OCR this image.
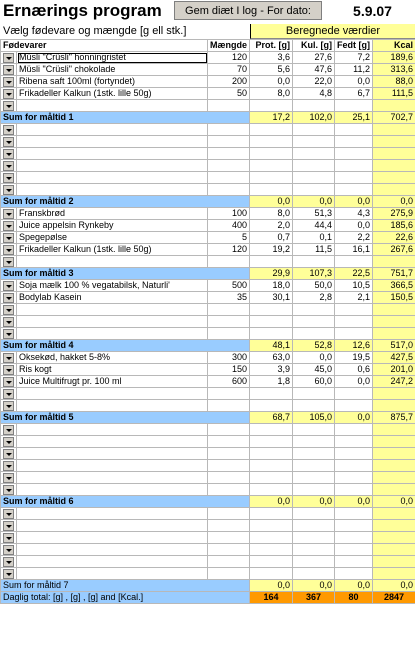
Ernærings program	Gem diæt I log - For dato:	5.9.07
Vælg fødevare og mængde [g ell stk.]	Beregnede værdier
Fødevarer		Mængde	Prot. [g]	Kul. [g]	Fedt [g]	Kcal
	Müsli "Crüsli" honningristet	120	3,6	27,6	7,2	189,6
	Müsli "Crüsli" chokolade	70	5,6	47,6	11,2	313,6
	Ribena saft 100ml (fortyndet)	200	0,0	22,0	0,0	88,0
	Frikadeller Kalkun (1stk. lille 50g)	50	8,0	4,8	6,7	111,5

Sum for måltid 1			17,2	102,0	25,1	702,7

Sum for måltid 2			0,0	0,0	0,0	0,0
	Franskbrød	100	8,0	51,3	4,3	275,9
	Juice appelsin Rynkeby	400	2,0	44,4	0,0	185,6
	Spegepølse	5	0,7	0,1	2,2	22,6
	Frikadeller Kalkun (1stk. lille 50g)	120	19,2	11,5	16,1	267,6

Sum for måltid 3			29,9	107,3	22,5	751,7
	Soja mælk 100 % vegatabilsk, Naturli'	500	18,0	50,0	10,5	366,5
	Bodylab Kasein	35	30,1	2,8	2,1	150,5

Sum for måltid 4			48,1	52,8	12,6	517,0
	Oksekød, hakket 5-8%	300	63,0	0,0	19,5	427,5
	Ris kogt	150	3,9	45,0	0,6	201,0
	Juice Multifrugt pr. 100 ml	600	1,8	60,0	0,0	247,2

Sum for måltid 5			68,7	105,0	0,0	875,7

Sum for måltid 6			0,0	0,0	0,0	0,0

Sum for måltid 7			0,0	0,0	0,0	0,0
Daglig total: [g] , [g] , [g] and [Kcal.]			164	367	80	2847
